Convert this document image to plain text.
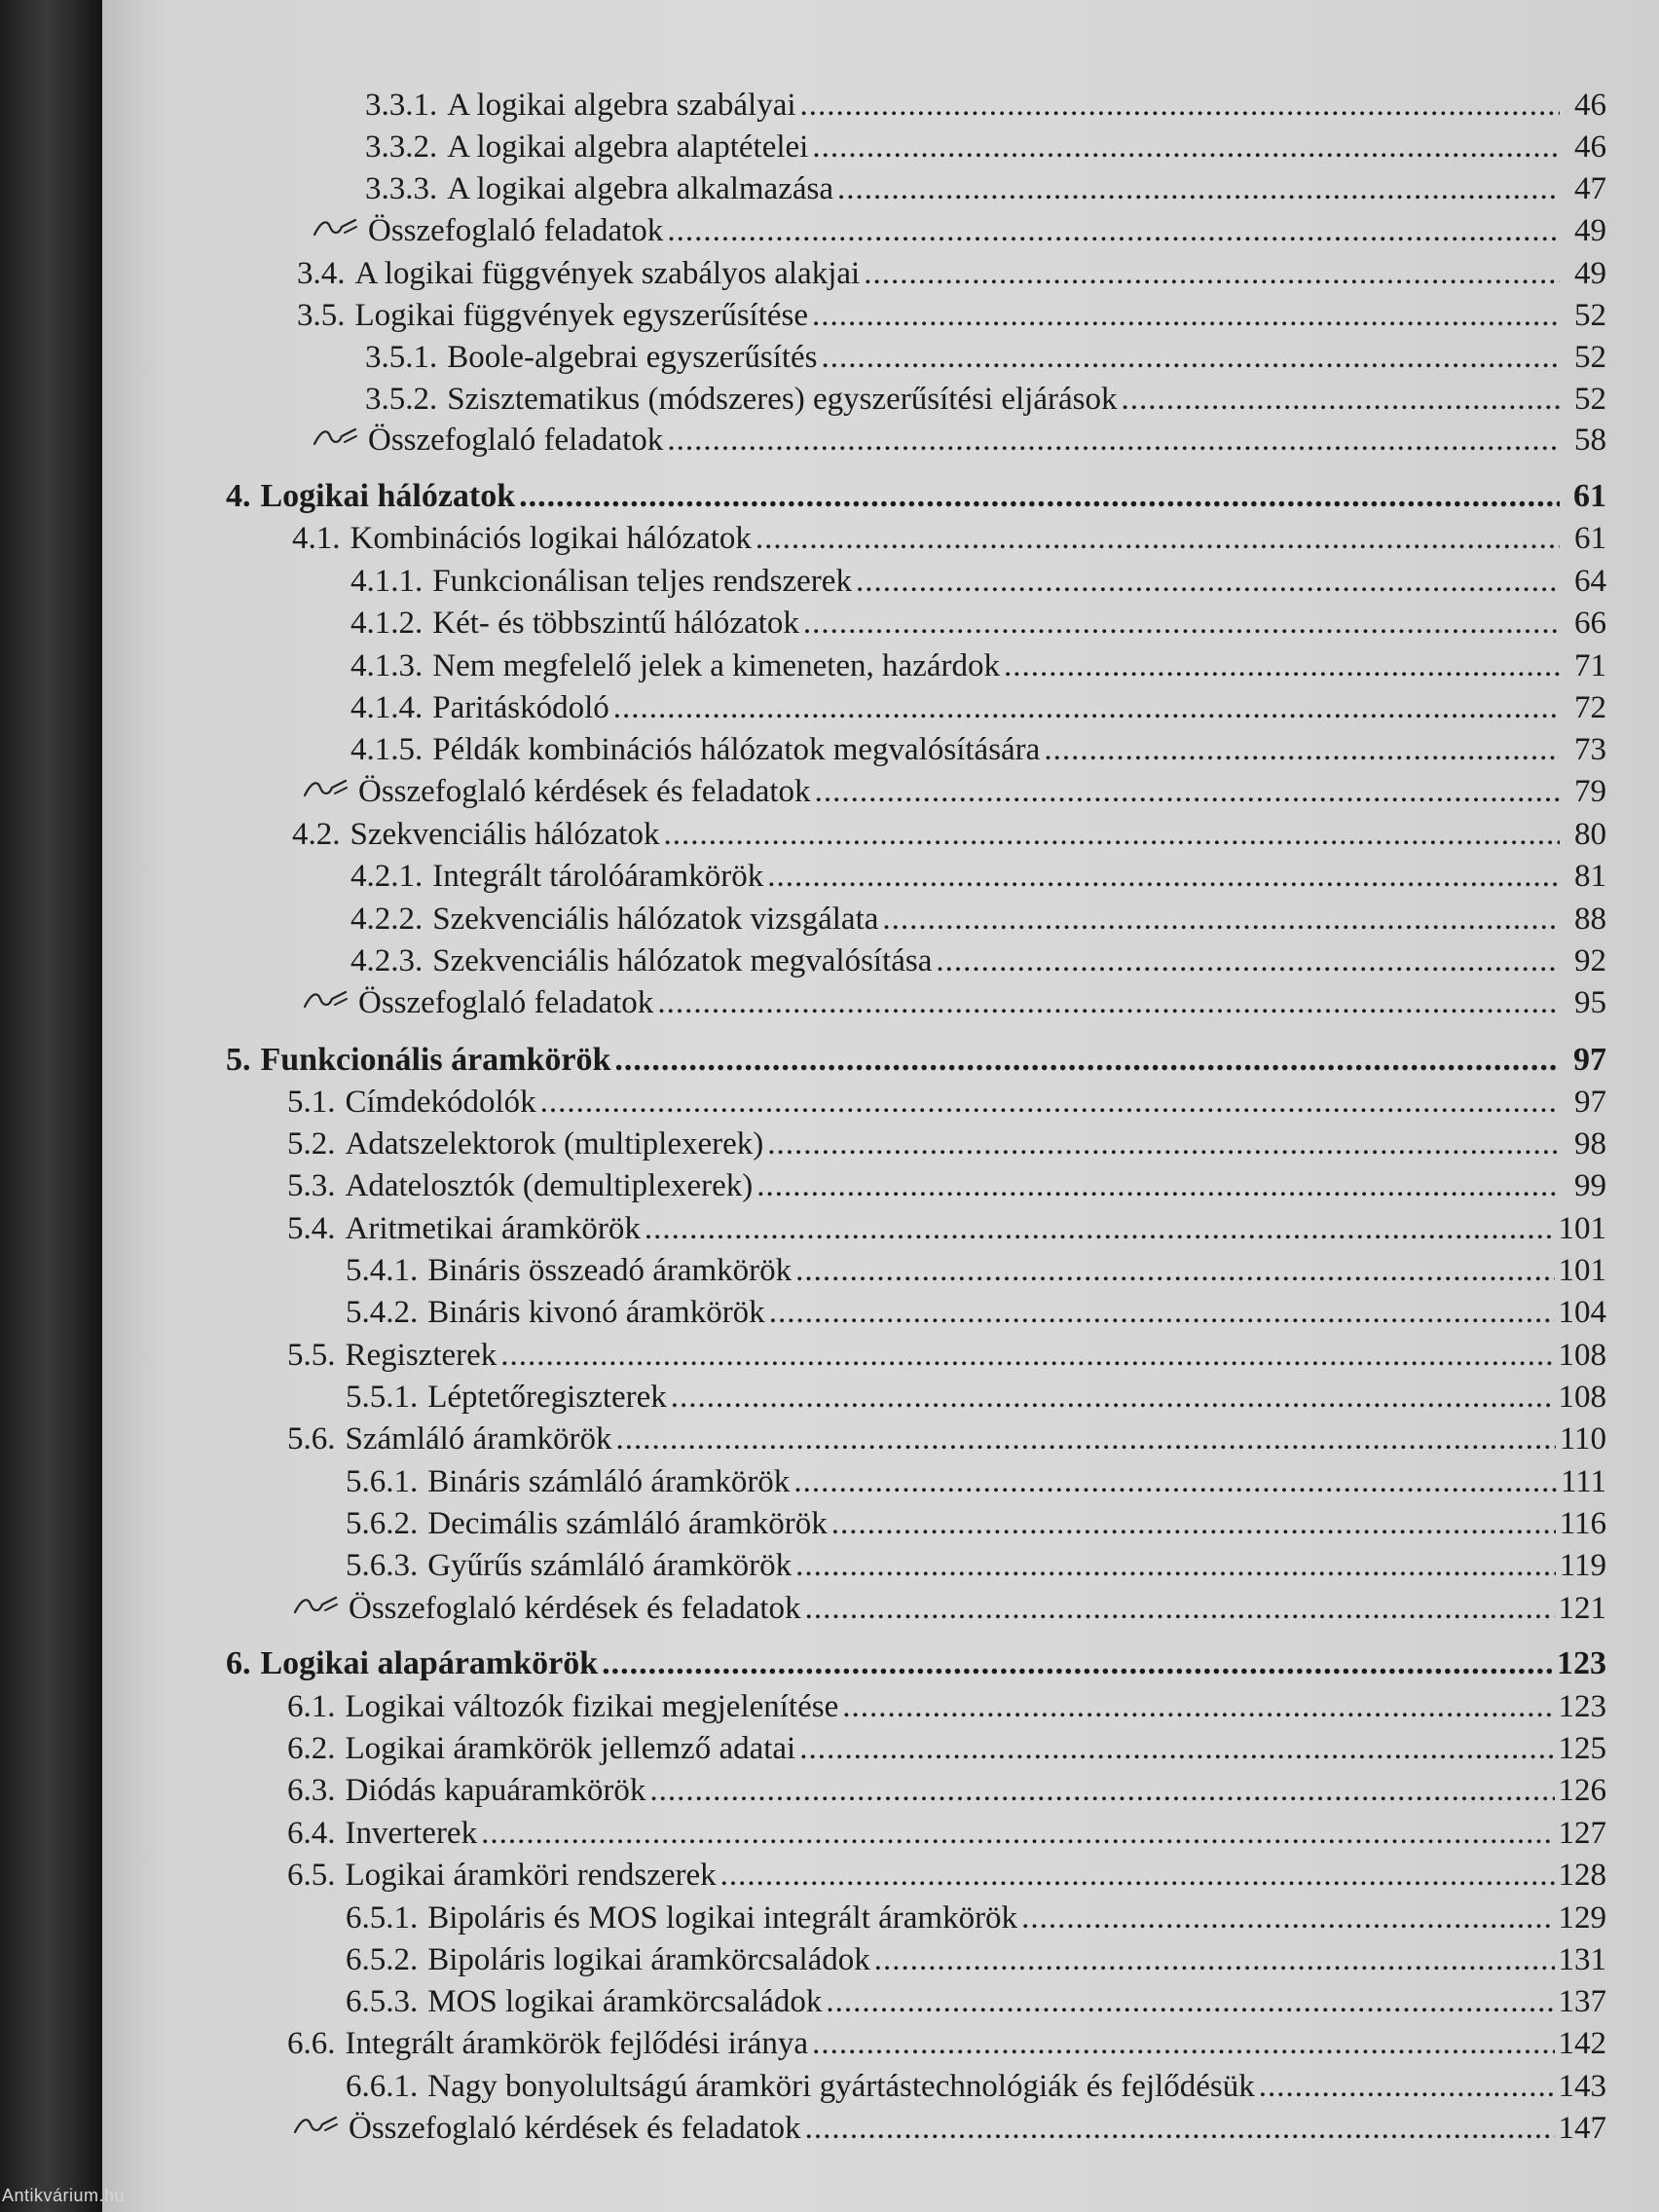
3.3.1. A logikai algebra szabályai .....	46
3.3.2. A logikai algebra alaptételei .....	46
3.3.3. A logikai algebra alkalmazása .....	47
Összefoglaló feladatok .....	49
3.4. A logikai függvények szabályos alakjai .....	49
3.5. Logikai függvények egyszerűsítése .....	52
3.5.1. Boole-algebrai egyszerűsítés .....	52
3.5.2. Szisztematikus (módszeres) egyszerűsítési eljárások .....	52
Összefoglaló feladatok .....	58
4. Logikai hálózatok .....	61
4.1. Kombinációs logikai hálózatok .....	61
4.1.1. Funkcionálisan teljes rendszerek .....	64
4.1.2. Két- és többszintű hálózatok .....	66
4.1.3. Nem megfelelő jelek a kimeneten, hazárdok .....	71
4.1.4. Paritáskódoló .....	72
4.1.5. Példák kombinációs hálózatok megvalósítására .....	73
Összefoglaló kérdések és feladatok .....	79
4.2. Szekvenciális hálózatok .....	80
4.2.1. Integrált tárolóáramkörök .....	81
4.2.2. Szekvenciális hálózatok vizsgálata .....	88
4.2.3. Szekvenciális hálózatok megvalósítása .....	92
Összefoglaló feladatok .....	95
5. Funkcionális áramkörök .....	97
5.1. Címdekódolók .....	97
5.2. Adatszelektorok (multiplexerek) .....	98
5.3. Adatelosztók (demultiplexerek) .....	99
5.4. Aritmetikai áramkörök .....	101
5.4.1. Bináris összeadó áramkörök .....	101
5.4.2. Bináris kivonó áramkörök .....	104
5.5. Regiszterek .....	108
5.5.1. Léptetőregiszterek .....	108
5.6. Számláló áramkörök .....	110
5.6.1. Bináris számláló áramkörök .....	111
5.6.2. Decimális számláló áramkörök .....	116
5.6.3. Gyűrűs számláló áramkörök .....	119
Összefoglaló kérdések és feladatok .....	121
6. Logikai alapáramkörök .....	123
6.1. Logikai változók fizikai megjelenítése .....	123
6.2. Logikai áramkörök jellemző adatai .....	125
6.3. Diódás kapuáramkörök .....	126
6.4. Inverterek .....	127
6.5. Logikai áramköri rendszerek .....	128
6.5.1. Bipoláris és MOS logikai integrált áramkörök .....	129
6.5.2. Bipoláris logikai áramkörcsaládok .....	131
6.5.3. MOS logikai áramkörcsaládok .....	137
6.6. Integrált áramkörök fejlődési iránya .....	142
6.6.1. Nagy bonyolultságú áramköri gyártástechnológiák és fejlődésük .....	143
Összefoglaló kérdések és feladatok .....	147
Antikvárium.hu
